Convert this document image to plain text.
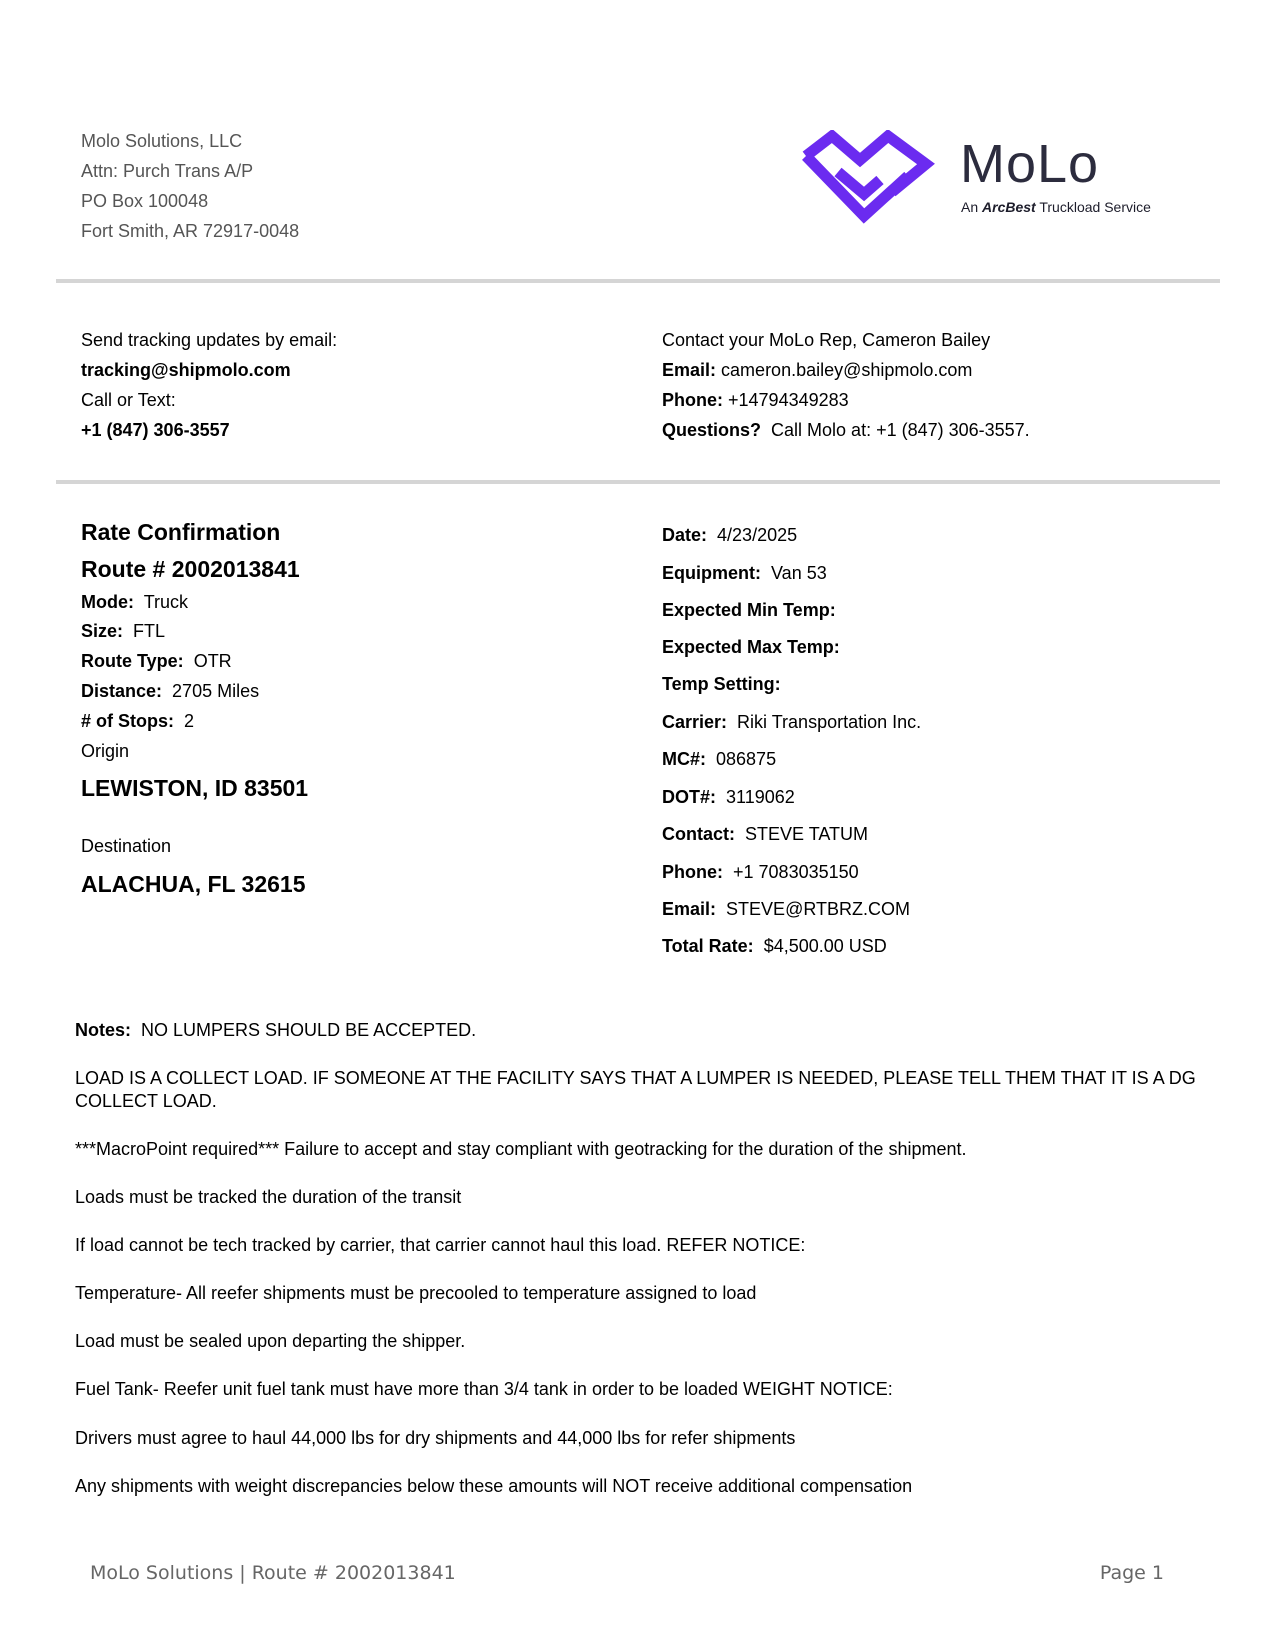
Molo Solutions, LLC
Attn: Purch Trans A/P
PO Box 100048
Fort Smith, AR 72917-0048
MoLo
An ArcBest Truckload Service
Send tracking updates by email:
tracking@shipmolo.com
Call or Text:
+1 (847) 306-3557
Contact your MoLo Rep, Cameron Bailey
Email: cameron.bailey@shipmolo.com
Phone: +14794349283
Questions? Call Molo at: +1 (847) 306-3557.
Rate Confirmation
Route # 2002013841
Mode: Truck
Size: FTL
Route Type: OTR
Distance: 2705 Miles
# of Stops: 2
Origin
LEWISTON, ID 83501
Destination
ALACHUA, FL 32615
Date: 4/23/2025
Equipment: Van 53
Expected Min Temp:
Expected Max Temp:
Temp Setting:
Carrier: Riki Transportation Inc.
MC#: 086875
DOT#: 3119062
Contact: STEVE TATUM
Phone: +1 7083035150
Email: STEVE@RTBRZ.COM
Total Rate: $4,500.00 USD
Notes: NO LUMPERS SHOULD BE ACCEPTED.
LOAD IS A COLLECT LOAD. IF SOMEONE AT THE FACILITY SAYS THAT A LUMPER IS NEEDED, PLEASE TELL THEM THAT IT IS A DG COLLECT LOAD.
***MacroPoint required*** Failure to accept and stay compliant with geotracking for the duration of the shipment.
Loads must be tracked the duration of the transit
If load cannot be tech tracked by carrier, that carrier cannot haul this load. REFER NOTICE:
Temperature- All reefer shipments must be precooled to temperature assigned to load
Load must be sealed upon departing the shipper.
Fuel Tank- Reefer unit fuel tank must have more than 3/4 tank in order to be loaded WEIGHT NOTICE:
Drivers must agree to haul 44,000 lbs for dry shipments and 44,000 lbs for refer shipments
Any shipments with weight discrepancies below these amounts will NOT receive additional compensation
MoLo Solutions | Route # 2002013841	Page 1
